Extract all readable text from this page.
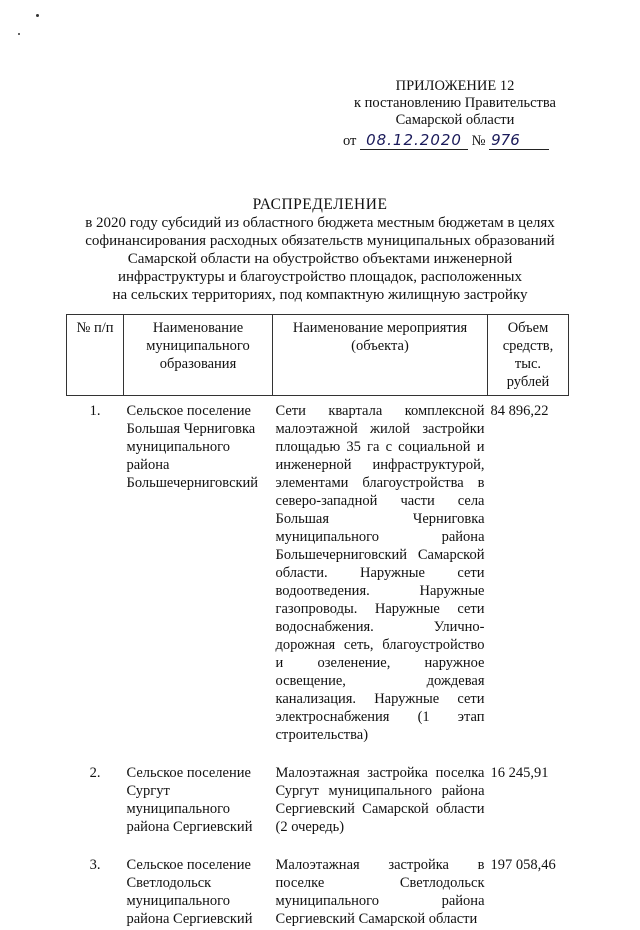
ПРИЛОЖЕНИЕ 12
к постановлению Правительства
Самарской области
от 08.12.2020 № 976
РАСПРЕДЕЛЕНИЕ
в 2020 году субсидий из областного бюджета местным бюджетам в целях
софинансирования расходных обязательств муниципальных образований
Самарской области на обустройство объектами инженерной
инфраструктуры и благоустройство площадок, расположенных
на сельских территориях, под компактную жилищную застройку
№ п/п	Наименование муниципального образования	Наименование мероприятия (объекта)	Объем средств, тыс. рублей
1.	Сельское поселение Большая Черниговка муниципального района Большечерниговский	Сети квартала комплексной малоэтажной жилой застройки площадью 35 га с социальной и инженерной инфраструктурой, элементами благоустройства в северо-западной части села Большая Черниговка муниципального района Большечерниговский Самарской области. Наружные сети водоотведения. Наружные газопроводы. Наружные сети водоснабжения. Улично-дорожная сеть, благоустройство и озеленение, наружное освещение, дождевая канализация. Наружные сети электроснабжения (1 этап строительства)	84 896,22
2.	Сельское поселение Сургут муниципального района Сергиевский	Малоэтажная застройка поселка Сургут муниципального района Сергиевский Самарской области (2 очередь)	16 245,91
3.	Сельское поселение Светлодольск муниципального района Сергиевский	Малоэтажная застройка в поселке Светлодольск муниципального района Сергиевский Самарской области	197 058,46
